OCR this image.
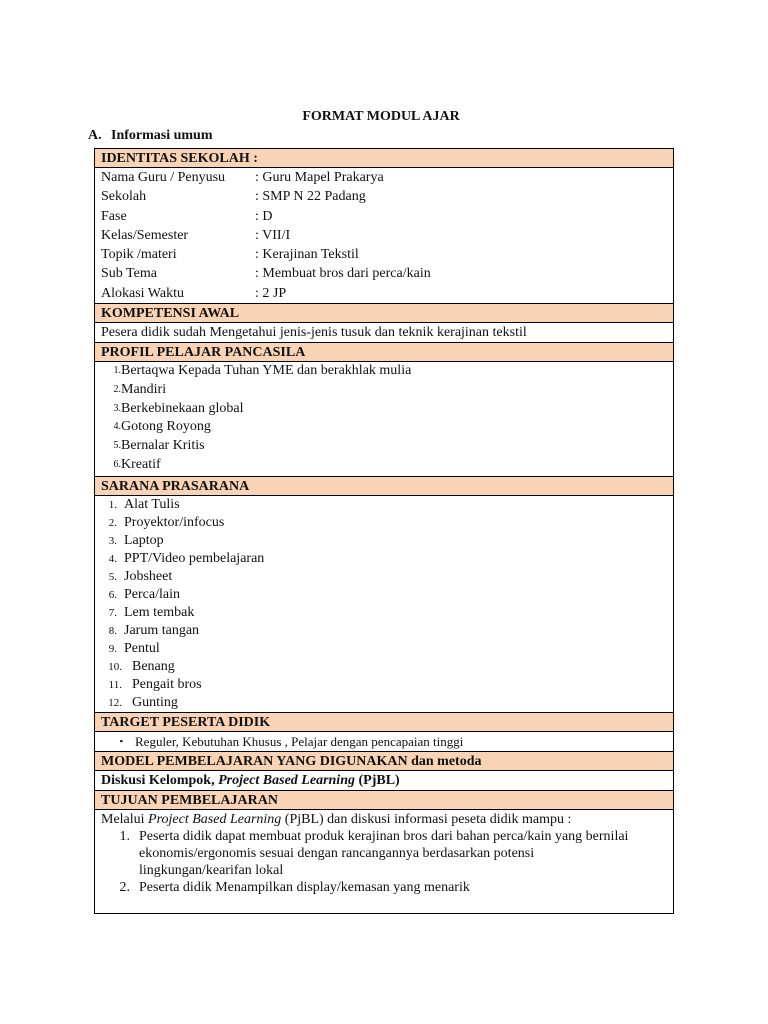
FORMAT MODUL AJAR
A. Informasi umum
IDENTITAS SEKOLAH :
Nama Guru / Penyusu	: Guru Mapel Prakarya
Sekolah	: SMP N 22 Padang
Fase	: D
Kelas/Semester	: VII/I
Topik /materi	: Kerajinan Tekstil
Sub Tema	: Membuat bros dari perca/kain
Alokasi Waktu	: 2 JP
KOMPETENSI AWAL
Pesera didik sudah Mengetahui jenis-jenis tusuk dan teknik kerajinan tekstil
PROFIL PELAJAR PANCASILA
1. Bertaqwa Kepada Tuhan YME dan berakhlak mulia
2. Mandiri
3. Berkebinekaan global
4. Gotong Royong
5. Bernalar Kritis
6. Kreatif
SARANA PRASARANA
1. Alat Tulis
2. Proyektor/infocus
3. Laptop
4. PPT/Video pembelajaran
5. Jobsheet
6. Perca/lain
7. Lem tembak
8. Jarum tangan
9. Pentul
10. Benang
11. Pengait bros
12. Gunting
TARGET PESERTA DIDIK
▪ Reguler, Kebutuhan Khusus , Pelajar dengan pencapaian tinggi
MODEL PEMBELAJARAN YANG DIGUNAKAN dan metoda
Diskusi Kelompok, Project Based Learning (PjBL)
TUJUAN PEMBELAJARAN
Melalui Project Based Learning (PjBL) dan diskusi informasi peseta didik mampu :
1. Peserta didik dapat membuat produk kerajinan bros dari bahan perca/kain yang bernilai ekonomis/ergonomis sesuai dengan rancangannya berdasarkan potensi lingkungan/kearifan lokal
2. Peserta didik Menampilkan display/kemasan yang menarik
